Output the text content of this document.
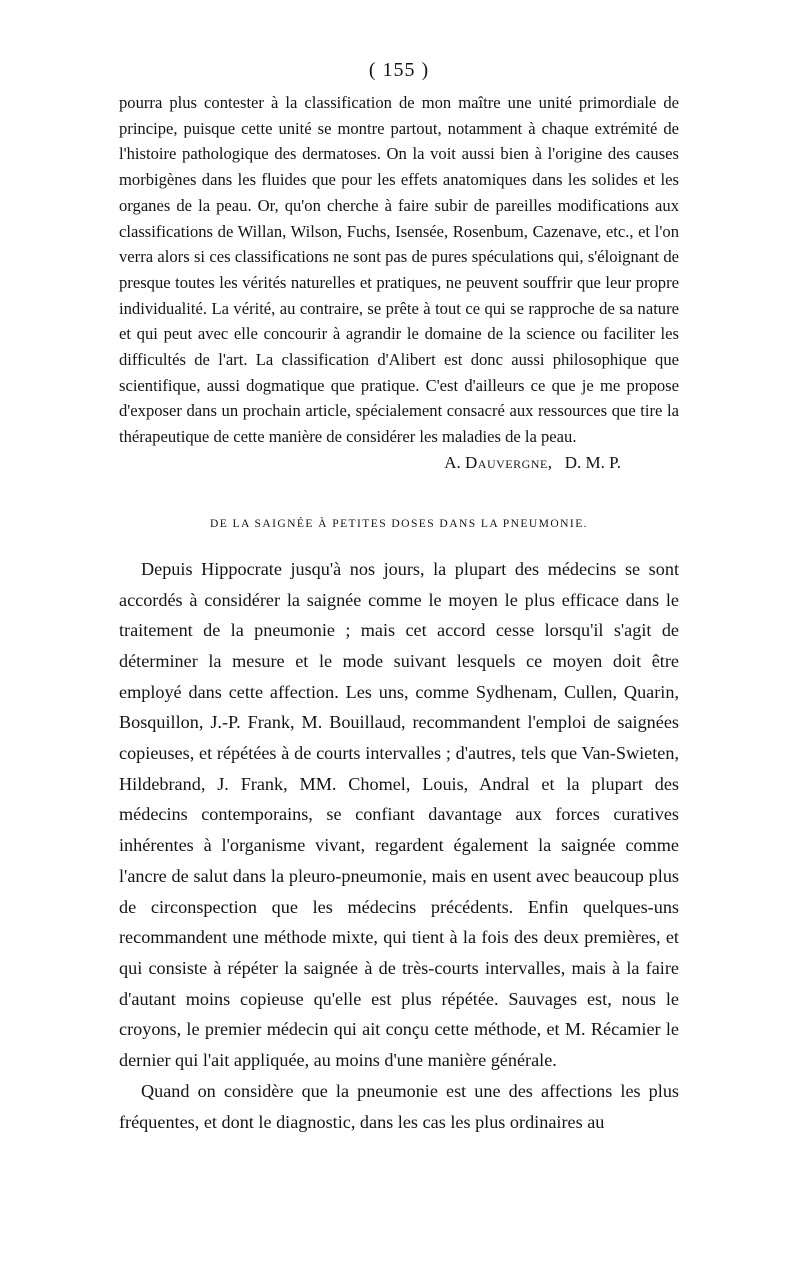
( 155 )

pourra plus contester à la classification de mon maître une unité primordiale de principe, puisque cette unité se montre partout, notamment à chaque extrémité de l'histoire pathologique des dermatoses. On la voit aussi bien à l'origine des causes morbigènes dans les fluides que pour les effets anatomiques dans les solides et les organes de la peau. Or, qu'on cherche à faire subir de pareilles modifications aux classifications de Willan, Wilson, Fuchs, Isensée, Rosenbum, Cazenave, etc., et l'on verra alors si ces classifications ne sont pas de pures spéculations qui, s'éloignant de presque toutes les vérités naturelles et pratiques, ne peuvent souffrir que leur propre individualité. La vérité, au contraire, se prête à tout ce qui se rapproche de sa nature et qui peut avec elle concourir à agrandir le domaine de la science ou faciliter les difficultés de l'art. La classification d'Alibert est donc aussi philosophique que scientifique, aussi dogmatique que pratique. C'est d'ailleurs ce que je me propose d'exposer dans un prochain article, spécialement consacré aux ressources que tire la thérapeutique de cette manière de considérer les maladies de la peau.

A. Dauvergne,   D. M. P.

DE LA SAIGNÉE À PETITES DOSES DANS LA PNEUMONIE.

Depuis Hippocrate jusqu'à nos jours, la plupart des médecins se sont accordés à considérer la saignée comme le moyen le plus efficace dans le traitement de la pneumonie ; mais cet accord cesse lorsqu'il s'agit de déterminer la mesure et le mode suivant lesquels ce moyen doit être employé dans cette affection. Les uns, comme Sydhenam, Cullen, Quarin, Bosquillon, J.-P. Frank, M. Bouillaud, recommandent l'emploi de saignées copieuses, et répétées à de courts intervalles ; d'autres, tels que Van-Swieten, Hildebrand, J. Frank, MM. Chomel, Louis, Andral et la plupart des médecins contemporains, se confiant davantage aux forces curatives inhérentes à l'organisme vivant, regardent également la saignée comme l'ancre de salut dans la pleuro-pneumonie, mais en usent avec beaucoup plus de circonspection que les médecins précédents. Enfin quelques-uns recommandent une méthode mixte, qui tient à la fois des deux premières, et qui consiste à répéter la saignée à de très-courts intervalles, mais à la faire d'autant moins copieuse qu'elle est plus répétée. Sauvages est, nous le croyons, le premier médecin qui ait conçu cette méthode, et M. Récamier le dernier qui l'ait appliquée, au moins d'une manière générale.

Quand on considère que la pneumonie est une des affections les plus fréquentes, et dont le diagnostic, dans les cas les plus ordinaires au
